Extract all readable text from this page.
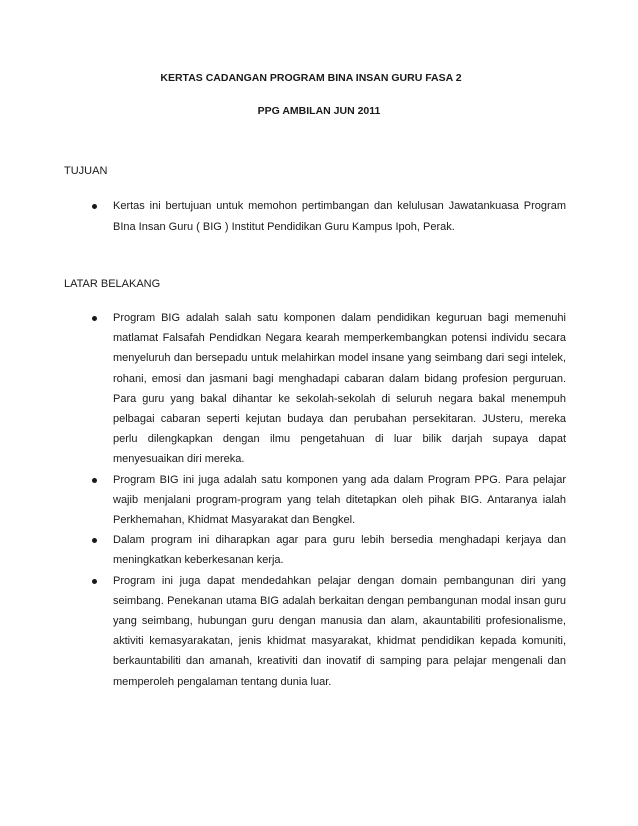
KERTAS CADANGAN PROGRAM BINA INSAN GURU FASA 2
PPG AMBILAN JUN 2011
TUJUAN
Kertas ini bertujuan untuk memohon pertimbangan dan kelulusan Jawatankuasa Program BIna Insan Guru ( BIG ) Institut Pendidikan Guru Kampus Ipoh, Perak.
LATAR BELAKANG
Program BIG adalah salah satu komponen dalam pendidikan keguruan bagi memenuhi matlamat Falsafah Pendidkan Negara kearah memperkembangkan potensi individu secara menyeluruh dan bersepadu untuk melahirkan model insane yang seimbang dari segi intelek, rohani, emosi dan jasmani bagi menghadapi cabaran dalam bidang profesion perguruan. Para guru yang bakal dihantar ke sekolah-sekolah di seluruh negara bakal menempuh pelbagai cabaran seperti kejutan budaya dan perubahan persekitaran. JUsteru, mereka perlu dilengkapkan dengan ilmu pengetahuan di luar bilik darjah supaya dapat menyesuaikan diri mereka.
Program BIG ini juga adalah satu komponen yang ada dalam Program PPG. Para pelajar wajib menjalani program-program yang telah ditetapkan oleh pihak BIG. Antaranya ialah Perkhemahan, Khidmat Masyarakat dan Bengkel.
Dalam program ini diharapkan agar para guru lebih bersedia menghadapi kerjaya dan meningkatkan keberkesanan kerja.
Program ini juga dapat mendedahkan pelajar dengan domain pembangunan diri yang seimbang. Penekanan utama BIG adalah berkaitan dengan pembangunan modal insan guru yang seimbang, hubungan guru dengan manusia dan alam, akauntabiliti profesionalisme, aktiviti kemasyarakatan, jenis khidmat masyarakat, khidmat pendidikan kepada komuniti, berkauntabiliti dan amanah, kreativiti dan inovatif di samping para pelajar mengenali dan memperoleh pengalaman tentang dunia luar.
